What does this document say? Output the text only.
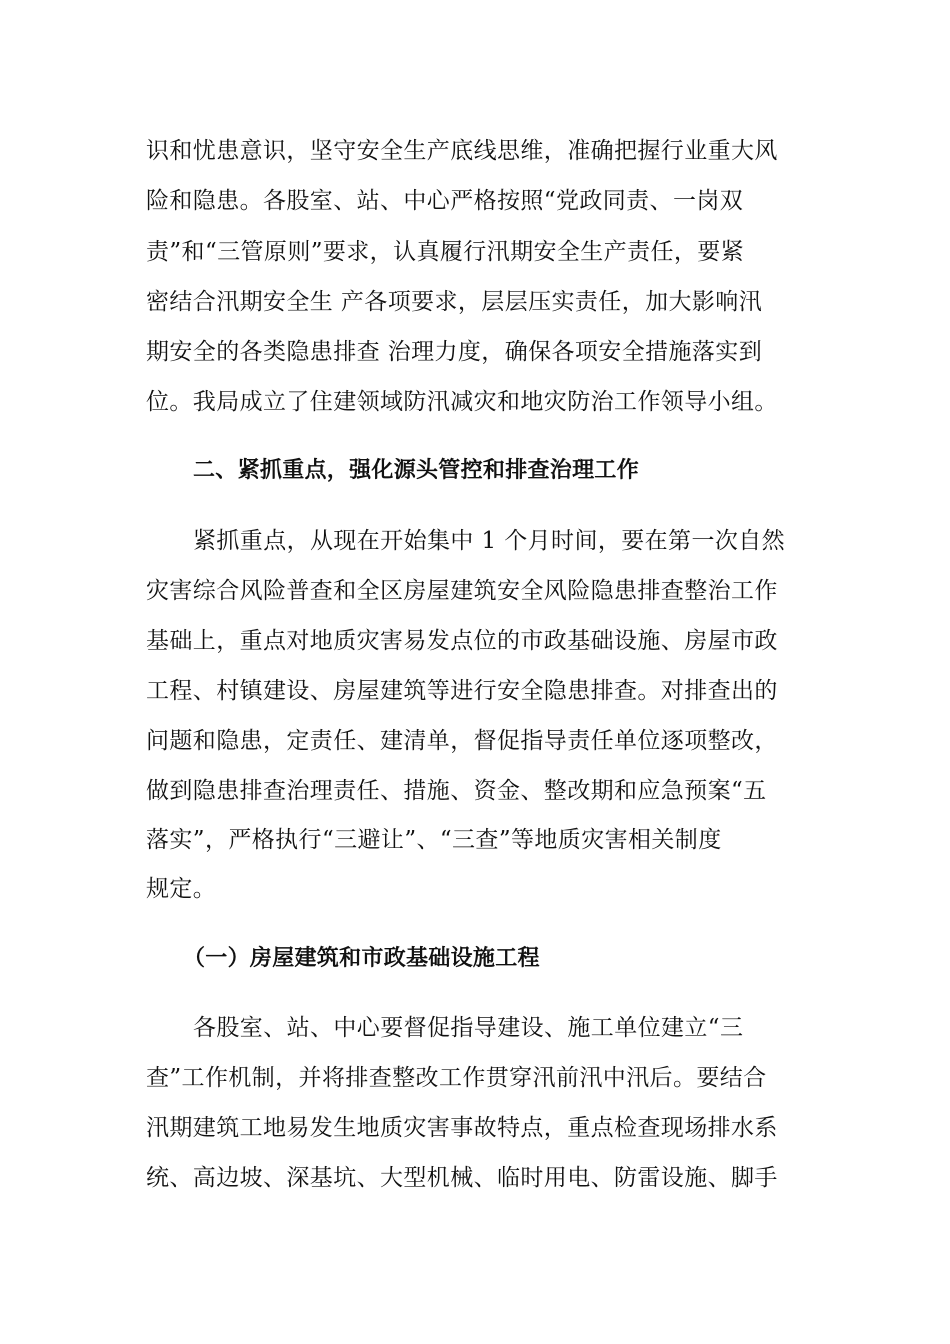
识和忧患意识，坚守安全生产底线思维，准确把握行业重大风
险和隐患。各股室、站、中心严格按照“党政同责、一岗双
责”和“三管原则”要求，认真履行汛期安全生产责任，要紧
密结合汛期安全生 产各项要求，层层压实责任，加大影响汛
期安全的各类隐患排查 治理力度，确保各项安全措施落实到
位。我局成立了住建领域防汛减灾和地灾防治工作领导小组。
二、紧抓重点，强化源头管控和排查治理工作
紧抓重点，从现在开始集中 1 个月时间，要在第一次自然
灾害综合风险普查和全区房屋建筑安全风险隐患排查整治工作
基础上，重点对地质灾害易发点位的市政基础设施、房屋市政
工程、村镇建设、房屋建筑等进行安全隐患排查。对排查出的
问题和隐患，定责任、建清单，督促指导责任单位逐项整改，
做到隐患排查治理责任、措施、资金、整改期和应急预案“五
落实”，严格执行“三避让”、“三查”等地质灾害相关制度
规定。
（一）房屋建筑和市政基础设施工程
各股室、站、中心要督促指导建设、施工单位建立“三
查”工作机制，并将排查整改工作贯穿汛前汛中汛后。要结合
汛期建筑工地易发生地质灾害事故特点，重点检查现场排水系
统、高边坡、深基坑、大型机械、临时用电、防雷设施、脚手
